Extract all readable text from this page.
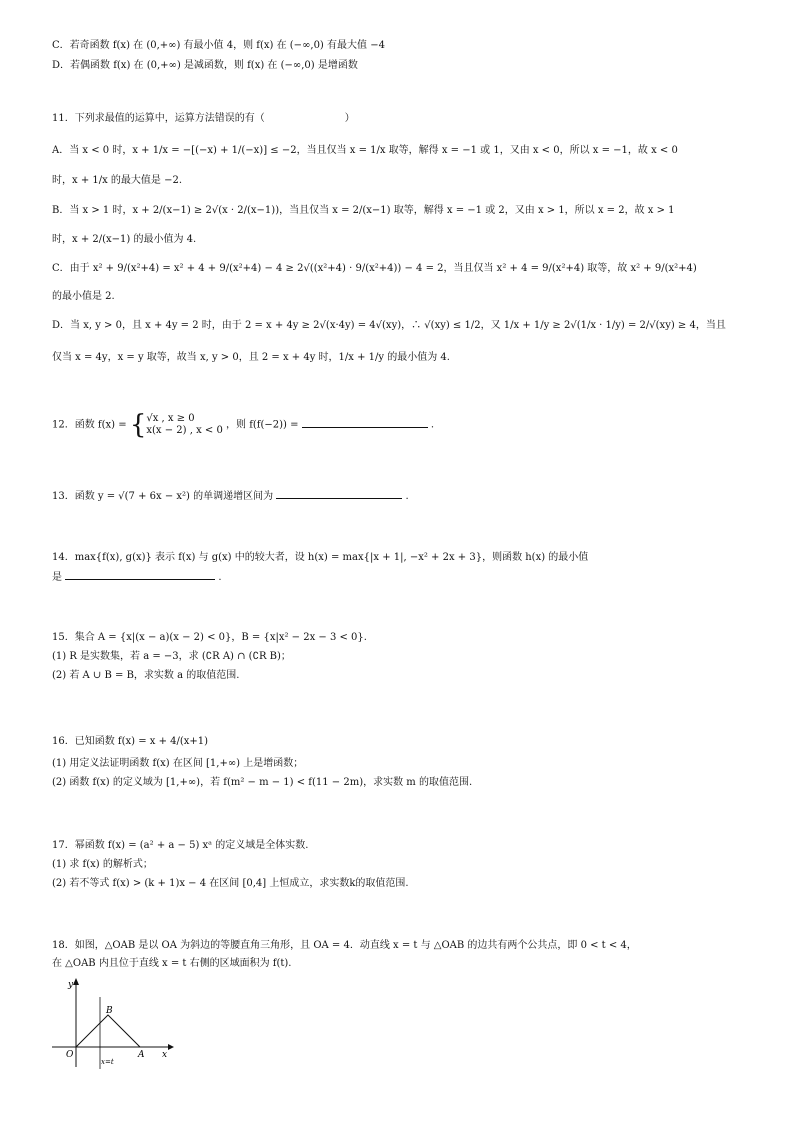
C．若奇函数 f(x) 在 (0,+∞) 有最小值 4，则 f(x) 在 (−∞,0) 有最大值 −4
D．若偶函数 f(x) 在 (0,+∞) 是减函数，则 f(x) 在 (−∞,0) 是增函数
11．下列求最值的运算中，运算方法错误的有（　　　　　　　　）
A．当 x < 0 时，x + 1/x = −[(−x) + 1/(−x)] ≤ −2，当且仅当 x = 1/x 取等，解得 x = −1 或 1，又由 x < 0，所以 x = −1，故 x < 0
时，x + 1/x 的最大值是 −2.
B．当 x > 1 时，x + 2/(x−1) ≥ 2√(x · 2/(x−1))，当且仅当 x = 2/(x−1) 取等，解得 x = −1 或 2，又由 x > 1，所以 x = 2，故 x > 1
时，x + 2/(x−1) 的最小值为 4.
C．由于 x² + 9/(x²+4) = x² + 4 + 9/(x²+4) − 4 ≥ 2√((x²+4) · 9/(x²+4)) − 4 = 2，当且仅当 x² + 4 = 9/(x²+4) 取等，故 x² + 9/(x²+4)
的最小值是 2.
D．当 x, y > 0，且 x + 4y = 2 时，由于 2 = x + 4y ≥ 2√(x·4y) = 4√(xy)，∴ √(xy) ≤ 1/2，又 1/x + 1/y ≥ 2√(1/x · 1/y) = 2/√(xy) ≥ 4，当且
仅当 x = 4y，x = y 取等，故当 x, y > 0，且 2 = x + 4y 时，1/x + 1/y 的最小值为 4.
12．函数 f(x) = { √x , x ≥ 0
x(x − 2) , x < 0 ，则 f(f(−2)) =	.
13．函数 y = √(7 + 6x − x²) 的单调递增区间为	.
14．max{f(x), g(x)} 表示 f(x) 与 g(x) 中的较大者，设 h(x) = max{|x + 1|, −x² + 2x + 3}，则函数 h(x) 的最小值
是	.
15．集合 A = {x|(x − a)(x − 2) < 0}，B = {x|x² − 2x − 3 < 0}.
(1) R 是实数集，若 a = −3，求 (∁R A) ∩ (∁R B)；
(2) 若 A ∪ B = B，求实数 a 的取值范围.
16．已知函数 f(x) = x + 4/(x+1)
(1) 用定义法证明函数 f(x) 在区间 [1,+∞) 上是增函数；
(2) 函数 f(x) 的定义域为 [1,+∞)，若 f(m² − m − 1) < f(11 − 2m)，求实数 m 的取值范围.
17．幂函数 f(x) = (a² + a − 5) xᵃ 的定义域是全体实数.
(1) 求 f(x) 的解析式；
(2) 若不等式 f(x) > (k + 1)x − 4 在区间 [0,4] 上恒成立，求实数k的取值范围.
18．如图，△OAB 是以 OA 为斜边的等腰直角三角形，且 OA = 4．动直线 x = t 与 △OAB 的边共有两个公共点，即 0 < t < 4，
在 △OAB 内且位于直线 x = t 右侧的区域面积为 f(t).
y
x
O	A
B
x=t
